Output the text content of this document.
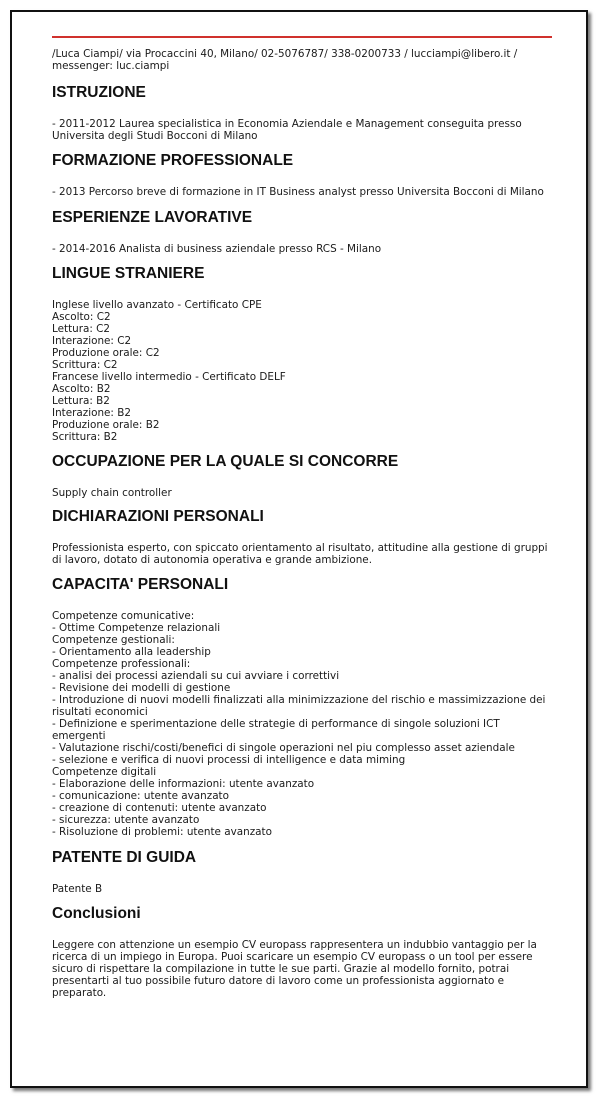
/Luca Ciampi/ via Procaccini 40, Milano/ 02-5076787/ 338-0200733 / lucciampi@libero.it / messenger: luc.ciampi

ISTRUZIONE

- 2011-2012 Laurea specialistica in Economia Aziendale e Management conseguita presso Universita degli Studi Bocconi di Milano

FORMAZIONE PROFESSIONALE

- 2013 Percorso breve di formazione in IT Business analyst presso Universita Bocconi di Milano

ESPERIENZE LAVORATIVE

- 2014-2016 Analista di business aziendale presso RCS - Milano

LINGUE STRANIERE

Inglese livello avanzato - Certificato CPE

Ascolto: C2

Lettura: C2

Interazione: C2

Produzione orale: C2

Scrittura: C2

Francese livello intermedio - Certificato DELF

Ascolto: B2

Lettura: B2

Interazione: B2

Produzione orale: B2

Scrittura: B2

OCCUPAZIONE PER LA QUALE SI CONCORRE

Supply chain controller

DICHIARAZIONI PERSONALI

Professionista esperto, con spiccato orientamento al risultato, attitudine alla gestione di gruppi di lavoro, dotato di autonomia operativa e grande ambizione.

CAPACITA' PERSONALI

Competenze comunicative:

- Ottime Competenze relazionali

Competenze gestionali:

- Orientamento alla leadership

Competenze professionali:

- analisi dei processi aziendali su cui avviare i correttivi

- Revisione dei modelli di gestione

- Introduzione di nuovi modelli finalizzati alla minimizzazione del rischio e massimizzazione dei risultati economici

- Definizione e sperimentazione delle strategie di performance di singole soluzioni ICT emergenti

- Valutazione rischi/costi/benefici di singole operazioni nel piu complesso asset aziendale

- selezione e verifica di nuovi processi di intelligence e data miming

Competenze digitali

- Elaborazione delle informazioni: utente avanzato

- comunicazione: utente avanzato

- creazione di contenuti: utente avanzato

- sicurezza: utente avanzato

- Risoluzione di problemi: utente avanzato

PATENTE DI GUIDA

Patente B

Conclusioni

Leggere con attenzione un esempio CV europass rappresentera un indubbio vantaggio per la ricerca di un impiego in Europa. Puoi scaricare un esempio CV europass o un tool per essere sicuro di rispettare la compilazione in tutte le sue parti. Grazie al modello fornito, potrai presentarti al tuo possibile futuro datore di lavoro come un professionista aggiornato e preparato.
